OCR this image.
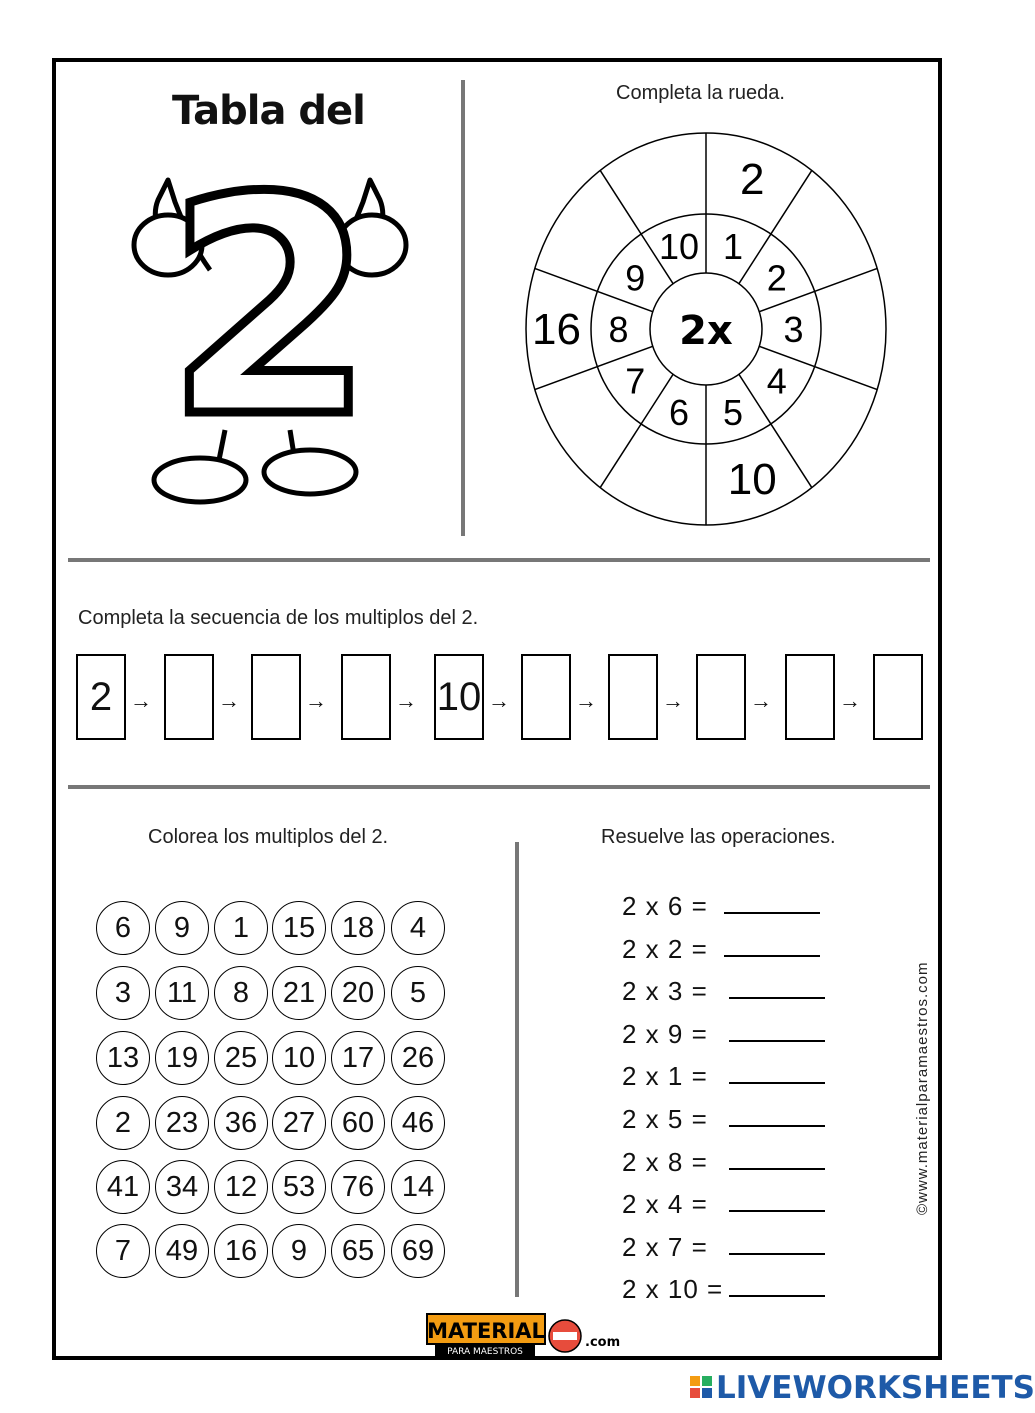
Tabla del
2
Completa la rueda.
2x
1
2
3
4
5
6
7
8
9
10
2
10
16
Completa la secuencia de los multiplos del 2.
2 →	→	→	→ 10 →	→	→	→	→
Colorea los multiplos del 2.
6	9	1	15 18	4
3	11	8	21 20	5
13 19 25 10 17 26
2	23 36 27 60 46
41 34 12 53 76 14
7	49 16	9	65 69
Resuelve las operaciones.
2 x 6 =
2 x 2 =
2 x 3 =
2 x 9 =
2 x 1 =
2 x 5 =
2 x 8 =
2 x 4 =
2 x 7 =
2 x 10 =
©www.materialparamaestros.com
MATERIAL
PARA MAESTROS
.com
LIVEWORKSHEETS
